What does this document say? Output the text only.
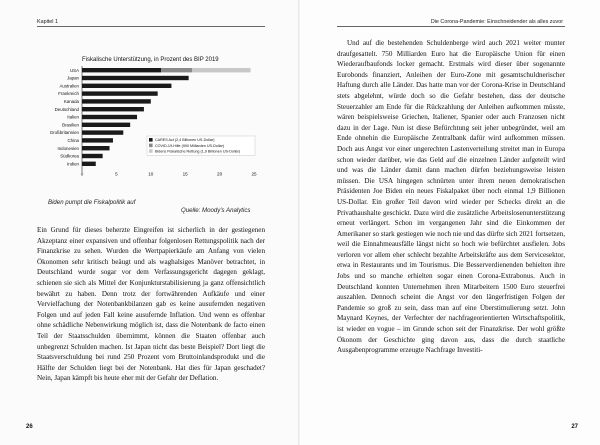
Kapitel 1
Fiskalische Unterstützung, in Prozent des BIP 2019
USA
Japan
Australien
Frankreich
Kanada
Deutschland
Italien
Brasilien
Großbritannien
China
Indonesien
Südkorea
Indien
0	5	10	15	20	25
CARES Act (2,4 Billionen US-Dollar)
COVID-19-Hilfe (900 Milliarden US-Dollar)
Bidens Fiskalische Rettung (1,9 Billionen US-Dollar)
Biden pumpt die Fiskalpolitik auf
Quelle: Moody’s Analytics

Ein Grund für dieses beherzte Eingreifen ist sicherlich in der gestiegenen Akzeptanz einer expansiven und offenbar folgenlosen Rettungspolitik nach der Finanzkrise zu sehen. Wurden die Wertpapierkäufe am Anfang von vielen Ökonomen sehr kritisch beäugt und als waghalsiges Manöver betrachtet, in Deutschland wurde sogar vor dem Verfassungsgericht dagegen geklagt, schienen sie sich als Mittel der Konjunkturstabilisierung ja ganz offensichtlich bewährt zu haben. Denn trotz der fortwährenden Aufkäufe und einer Vervielfachung der Notenbankbilanzen gab es keine ausufernden negativen Folgen und auf jeden Fall keine ausufernde Inflation. Und wenn es offenbar ohne schädliche Nebenwirkung möglich ist, dass die Notenbank de facto einen Teil der Staatsschulden übernimmt, können die Staaten offenbar auch unbegrenzt Schulden machen. Ist Japan nicht das beste Beispiel? Dort liegt die Staatsverschuldung bei rund 250 Prozent vom Bruttoinlandsprodukt und die Hälfte der Schulden liegt bei der Notenbank. Hat dies für Japan geschadet? Nein, Japan kämpft bis heute eher mit der Gefahr der Deflation.

26
Die Corona-Pandemie: Einschneidender als alles zuvor

Und auf die bestehenden Schuldenberge wird auch 2021 weiter munter draufgesattelt. 750 Milliarden Euro hat die Europäische Union für einen Wiederaufbaufonds locker gemacht. Erstmals wird dieser über sogenannte Eurobonds finanziert, Anleihen der Euro-Zone mit gesamtschuldnerischer Haftung durch alle Länder. Das hatte man vor der Corona-Krise in Deutschland stets abgelehnt, würde doch so die Gefahr bestehen, dass der deutsche Steuerzahler am Ende für die Rückzahlung der Anleihen aufkommen müsste, wären beispielsweise Griechen, Italiener, Spanier oder auch Franzosen nicht dazu in der Lage. Nun ist diese Befürchtung seit jeher unbegründet, weil am Ende ohnehin die Europäische Zentralbank dafür wird aufkommen müssen. Doch aus Angst vor einer ungerechten Lastenverteilung streitet man in Europa schon wieder darüber, wie das Geld auf die einzelnen Länder aufgeteilt wird und was die Länder damit dann machen dürfen beziehungsweise leisten müssen. Die USA hingegen schnürten unter ihrem neuen demokratischen Präsidenten Joe Biden ein neues Fiskalpaket über noch einmal 1,9 Billionen US-Dollar. Ein großer Teil davon wird wieder per Schecks direkt an die Privathaushalte geschickt. Dazu wird die zusätzliche Arbeitslosenunterstützung erneut verlängert. Schon im vergangenen Jahr sind die Einkommen der Amerikaner so stark gestiegen wie noch nie und das dürfte sich 2021 fortsetzen, weil die Einnahmeausfälle längst nicht so hoch wie befürchtet ausfielen. Jobs verloren vor allem eher schlecht bezahlte Arbeitskräfte aus dem Servicesektor, etwa in Restaurants und im Tourismus. Die Besserverdienenden behielten ihre Jobs und so manche erhielten sogar einen Corona-Extrabonus. Auch in Deutschland konnten Unternehmen ihren Mitarbeitern 1500 Euro steuerfrei auszahlen. Dennoch scheint die Angst vor den längerfristigen Folgen der Pandemie so groß zu sein, dass man auf eine Überstimulierung setzt. John Maynard Keynes, der Verfechter der nachfrageorientierten Wirtschaftspolitik, ist wieder en vogue – im Grunde schon seit der Finanzkrise. Der wohl größte Ökonom der Geschichte ging davon aus, dass die durch staatliche Ausgabenprogramme erzeugte Nachfrage Investiti-

27
